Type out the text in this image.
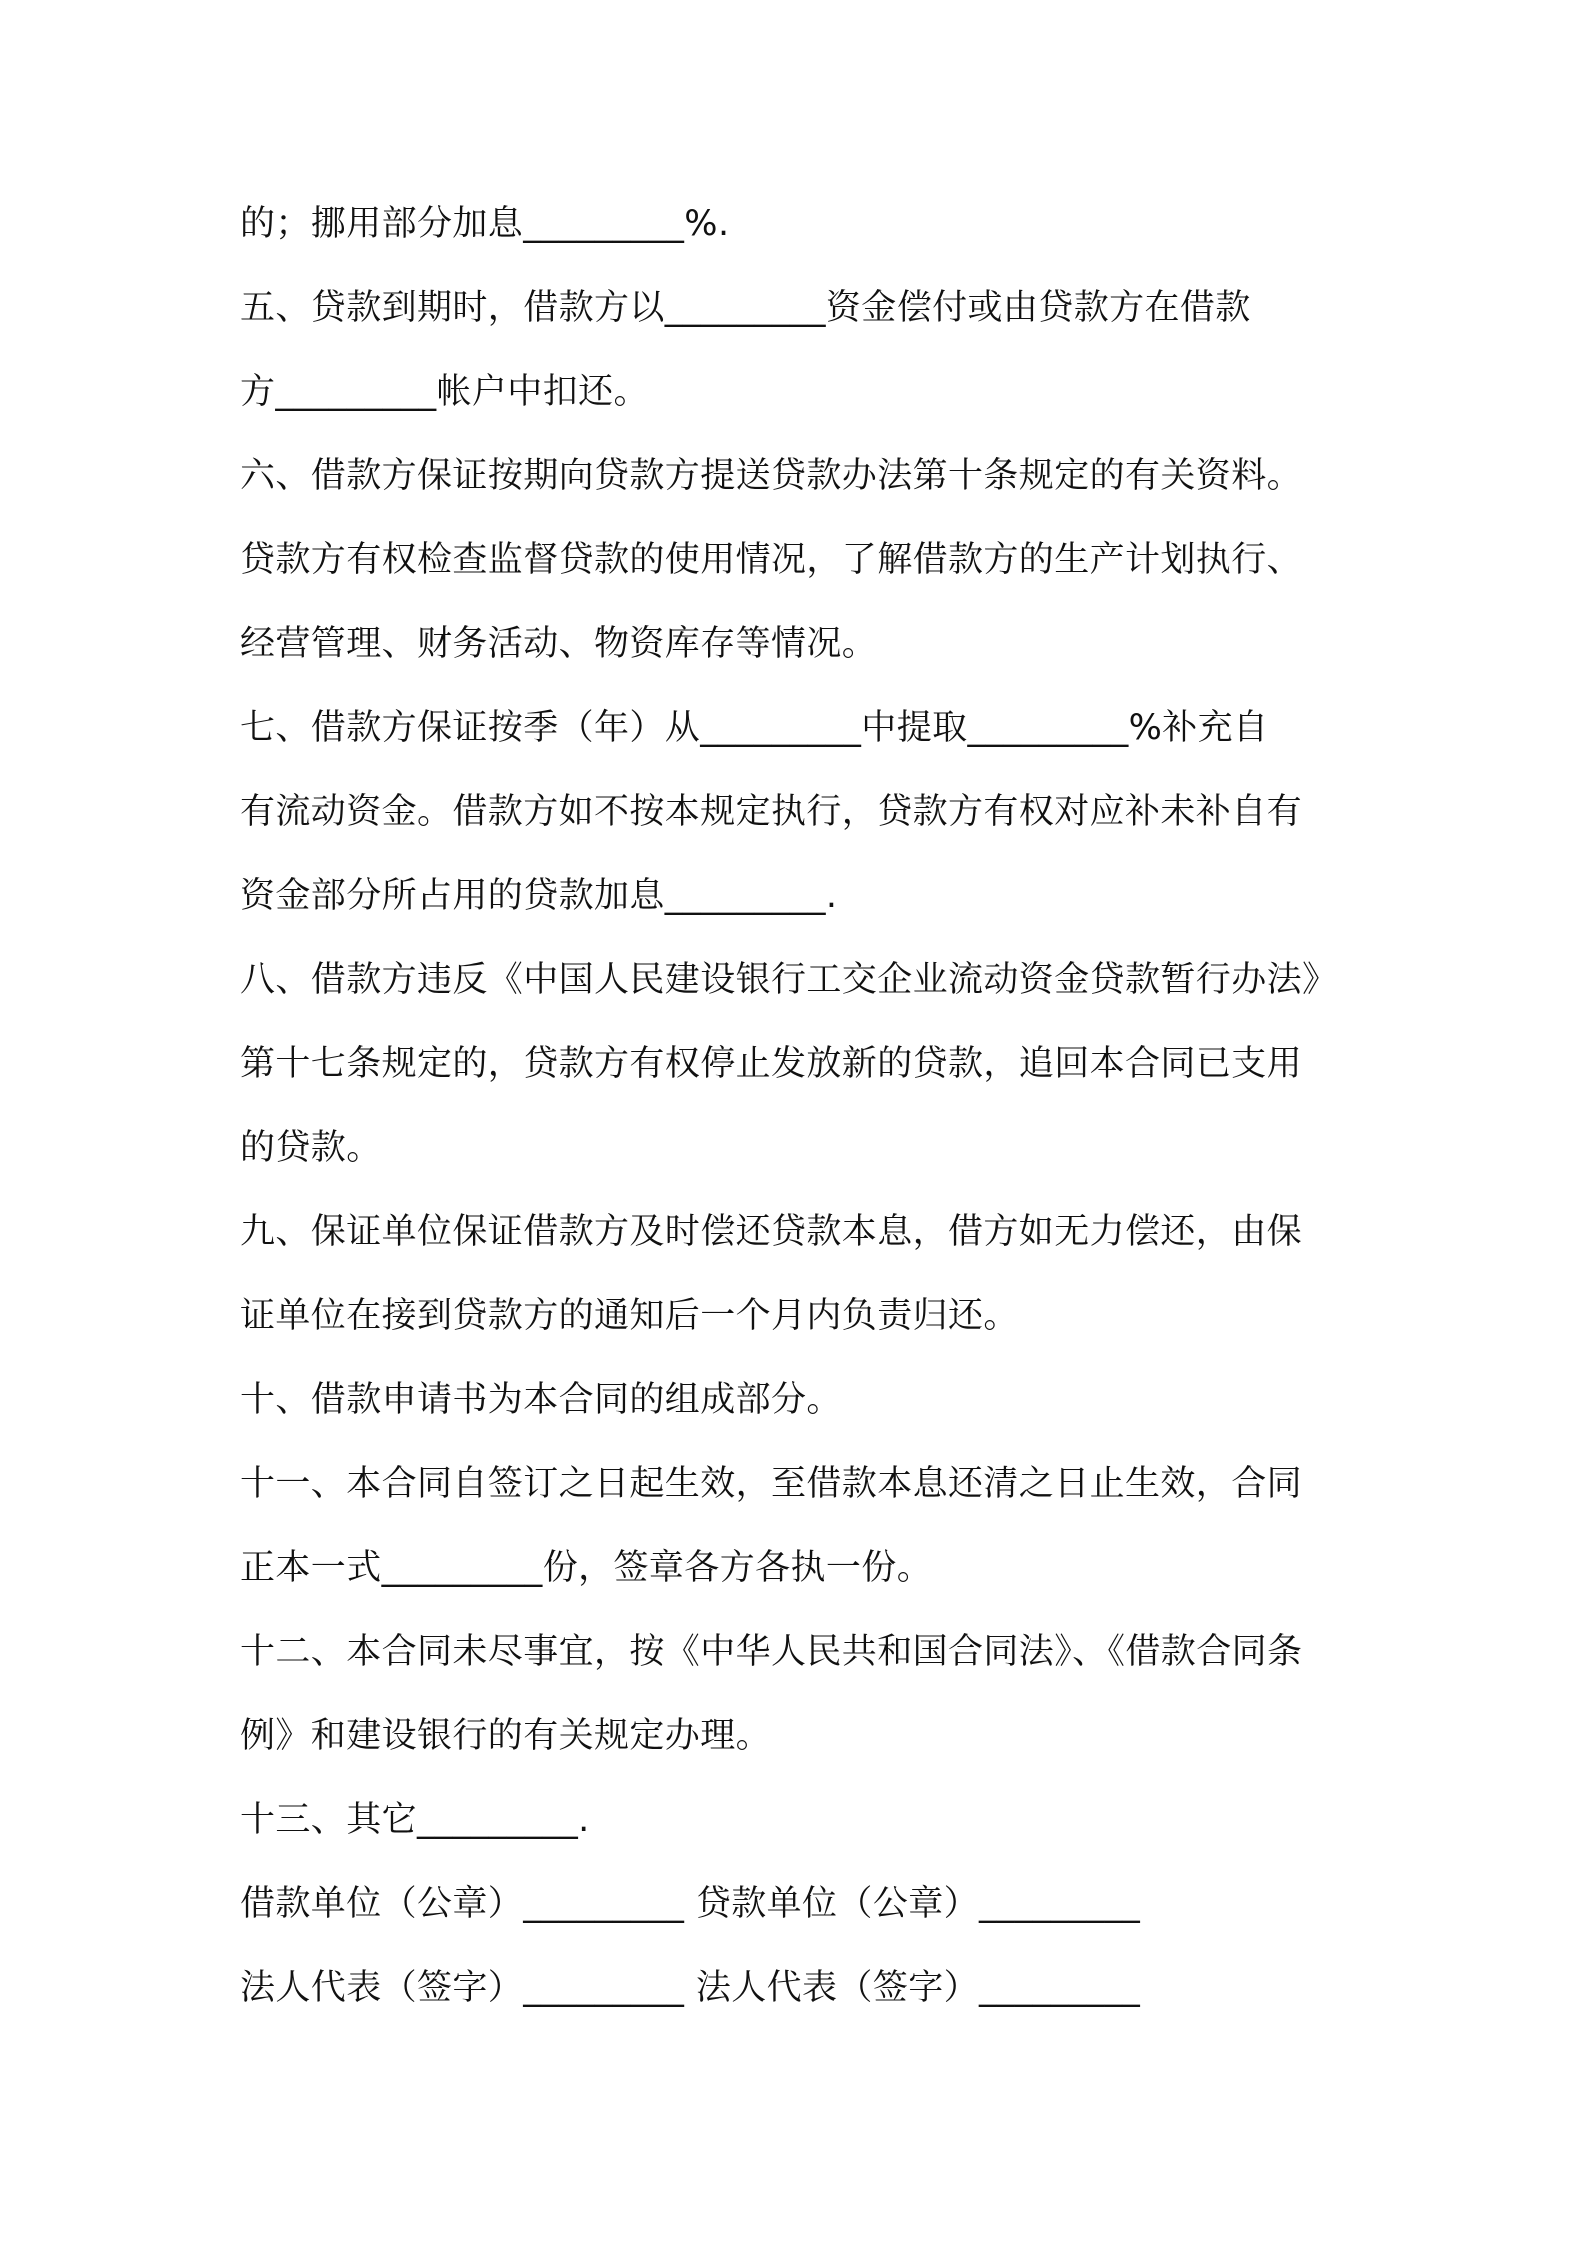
的；挪用部分加息_________%.
五、贷款到期时，借款方以_________资金偿付或由贷款方在借款
方_________帐户中扣还。
六、借款方保证按期向贷款方提送贷款办法第十条规定的有关资料。
贷款方有权检查监督贷款的使用情况，了解借款方的生产计划执行、
经营管理、财务活动、物资库存等情况。
七、借款方保证按季（年）从_________中提取_________%补充自
有流动资金。借款方如不按本规定执行，贷款方有权对应补未补自有
资金部分所占用的贷款加息_________.
八、借款方违反《中国人民建设银行工交企业流动资金贷款暂行办法》
第十七条规定的，贷款方有权停止发放新的贷款，追回本合同已支用
的贷款。
九、保证单位保证借款方及时偿还贷款本息，借方如无力偿还，由保
证单位在接到贷款方的通知后一个月内负责归还。
十、借款申请书为本合同的组成部分。
十一、本合同自签订之日起生效，至借款本息还清之日止生效，合同
正本一式_________份，签章各方各执一份。
十二、本合同未尽事宜，按《中华人民共和国合同法》、《借款合同条
例》和建设银行的有关规定办理。
十三、其它_________.
借款单位（公章）_________ 贷款单位（公章）_________
法人代表（签字）_________ 法人代表（签字）_________
